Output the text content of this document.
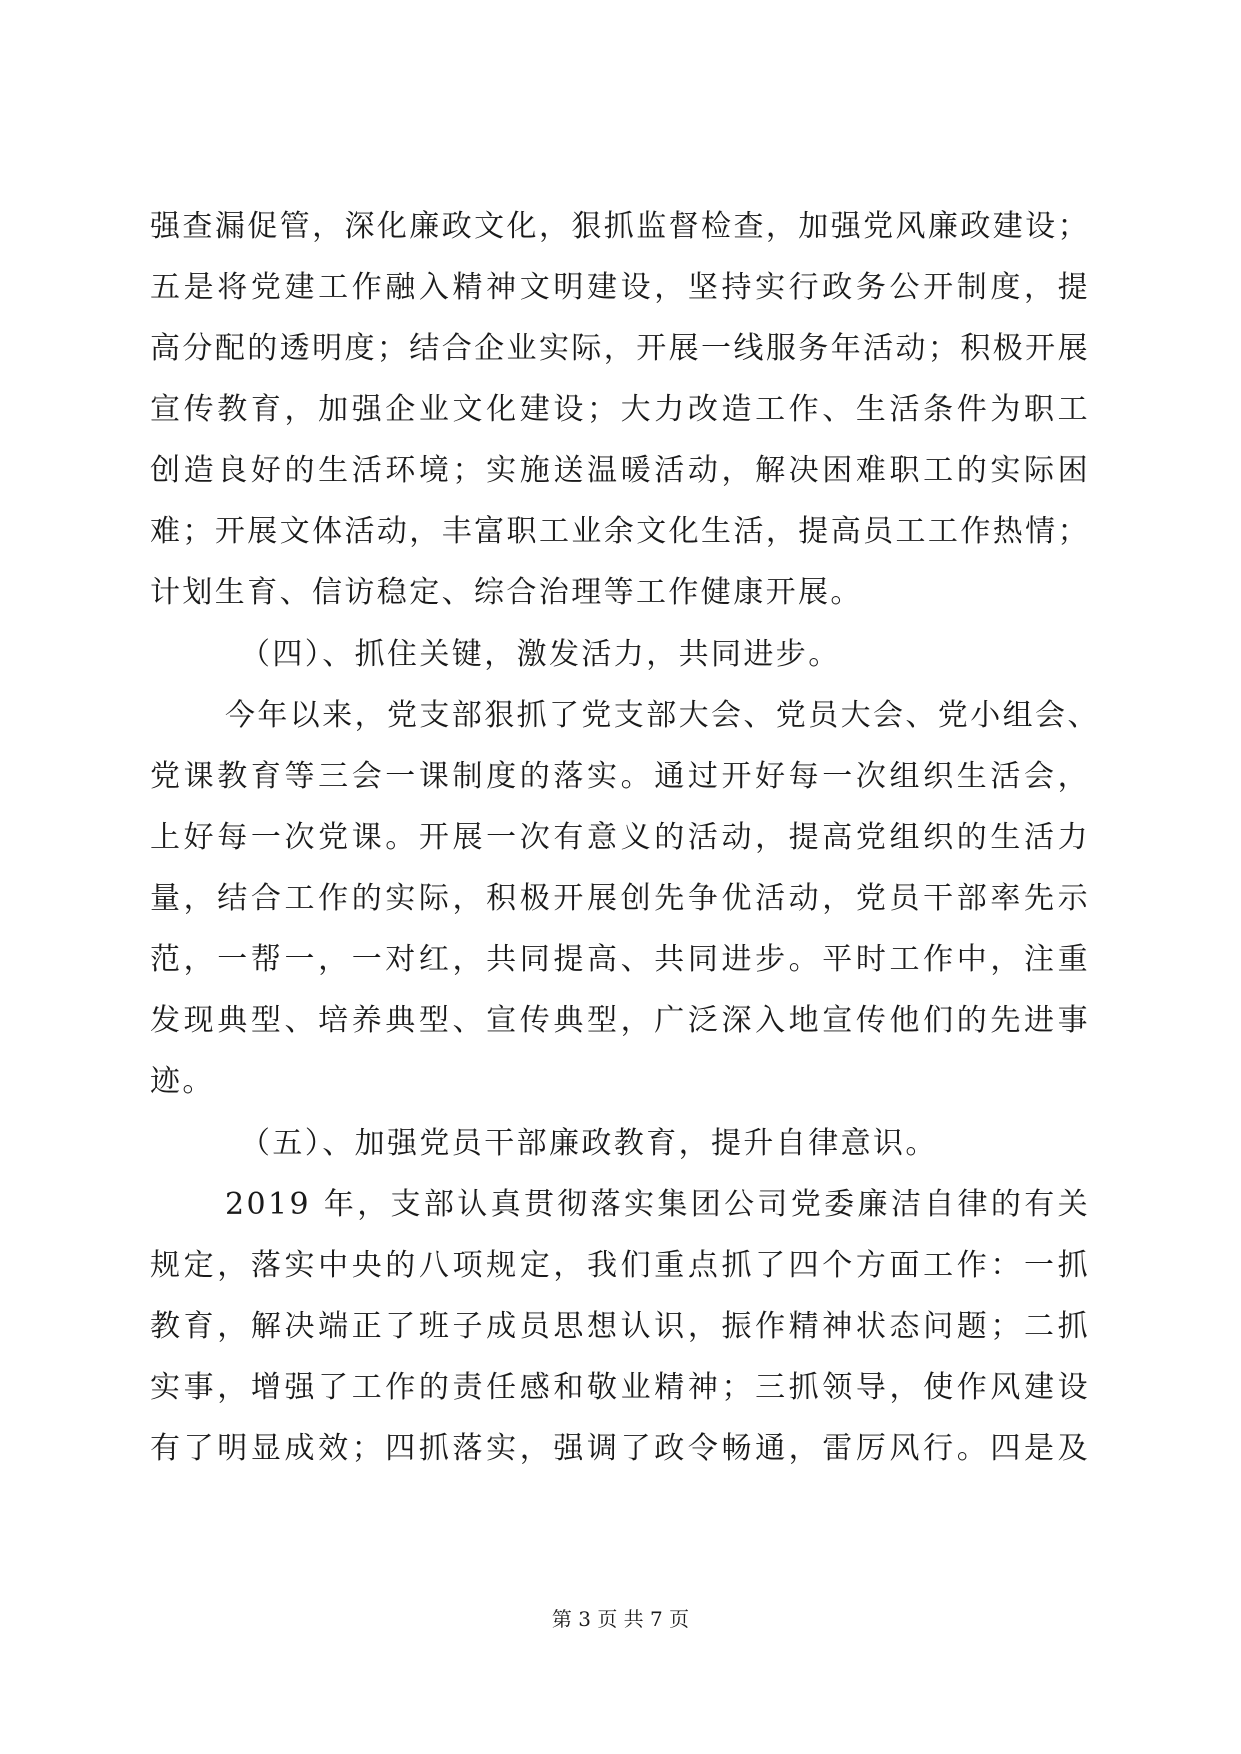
强查漏促管，深化廉政文化，狠抓监督检查，加强党风廉政建设；
五是将党建工作融入精神文明建设，坚持实行政务公开制度，提
高分配的透明度；结合企业实际，开展一线服务年活动；积极开展
宣传教育，加强企业文化建设；大力改造工作、生活条件为职工
创造良好的生活环境；实施送温暖活动，解决困难职工的实际困
难；开展文体活动，丰富职工业余文化生活，提高员工工作热情；
计划生育、信访稳定、综合治理等工作健康开展。
（四）、抓住关键，激发活力，共同进步。
今年以来，党支部狠抓了党支部大会、党员大会、党小组会、
党课教育等三会一课制度的落实。通过开好每一次组织生活会，
上好每一次党课。开展一次有意义的活动，提高党组织的生活力
量，结合工作的实际，积极开展创先争优活动，党员干部率先示
范，一帮一，一对红，共同提高、共同进步。平时工作中，注重
发现典型、培养典型、宣传典型，广泛深入地宣传他们的先进事
迹。
（五）、加强党员干部廉政教育，提升自律意识。
2019 年，支部认真贯彻落实集团公司党委廉洁自律的有关
规定，落实中央的八项规定，我们重点抓了四个方面工作：一抓
教育，解决端正了班子成员思想认识，振作精神状态问题；二抓
实事，增强了工作的责任感和敬业精神；三抓领导，使作风建设
有了明显成效；四抓落实，强调了政令畅通，雷厉风行。四是及
第 3 页 共 7 页
